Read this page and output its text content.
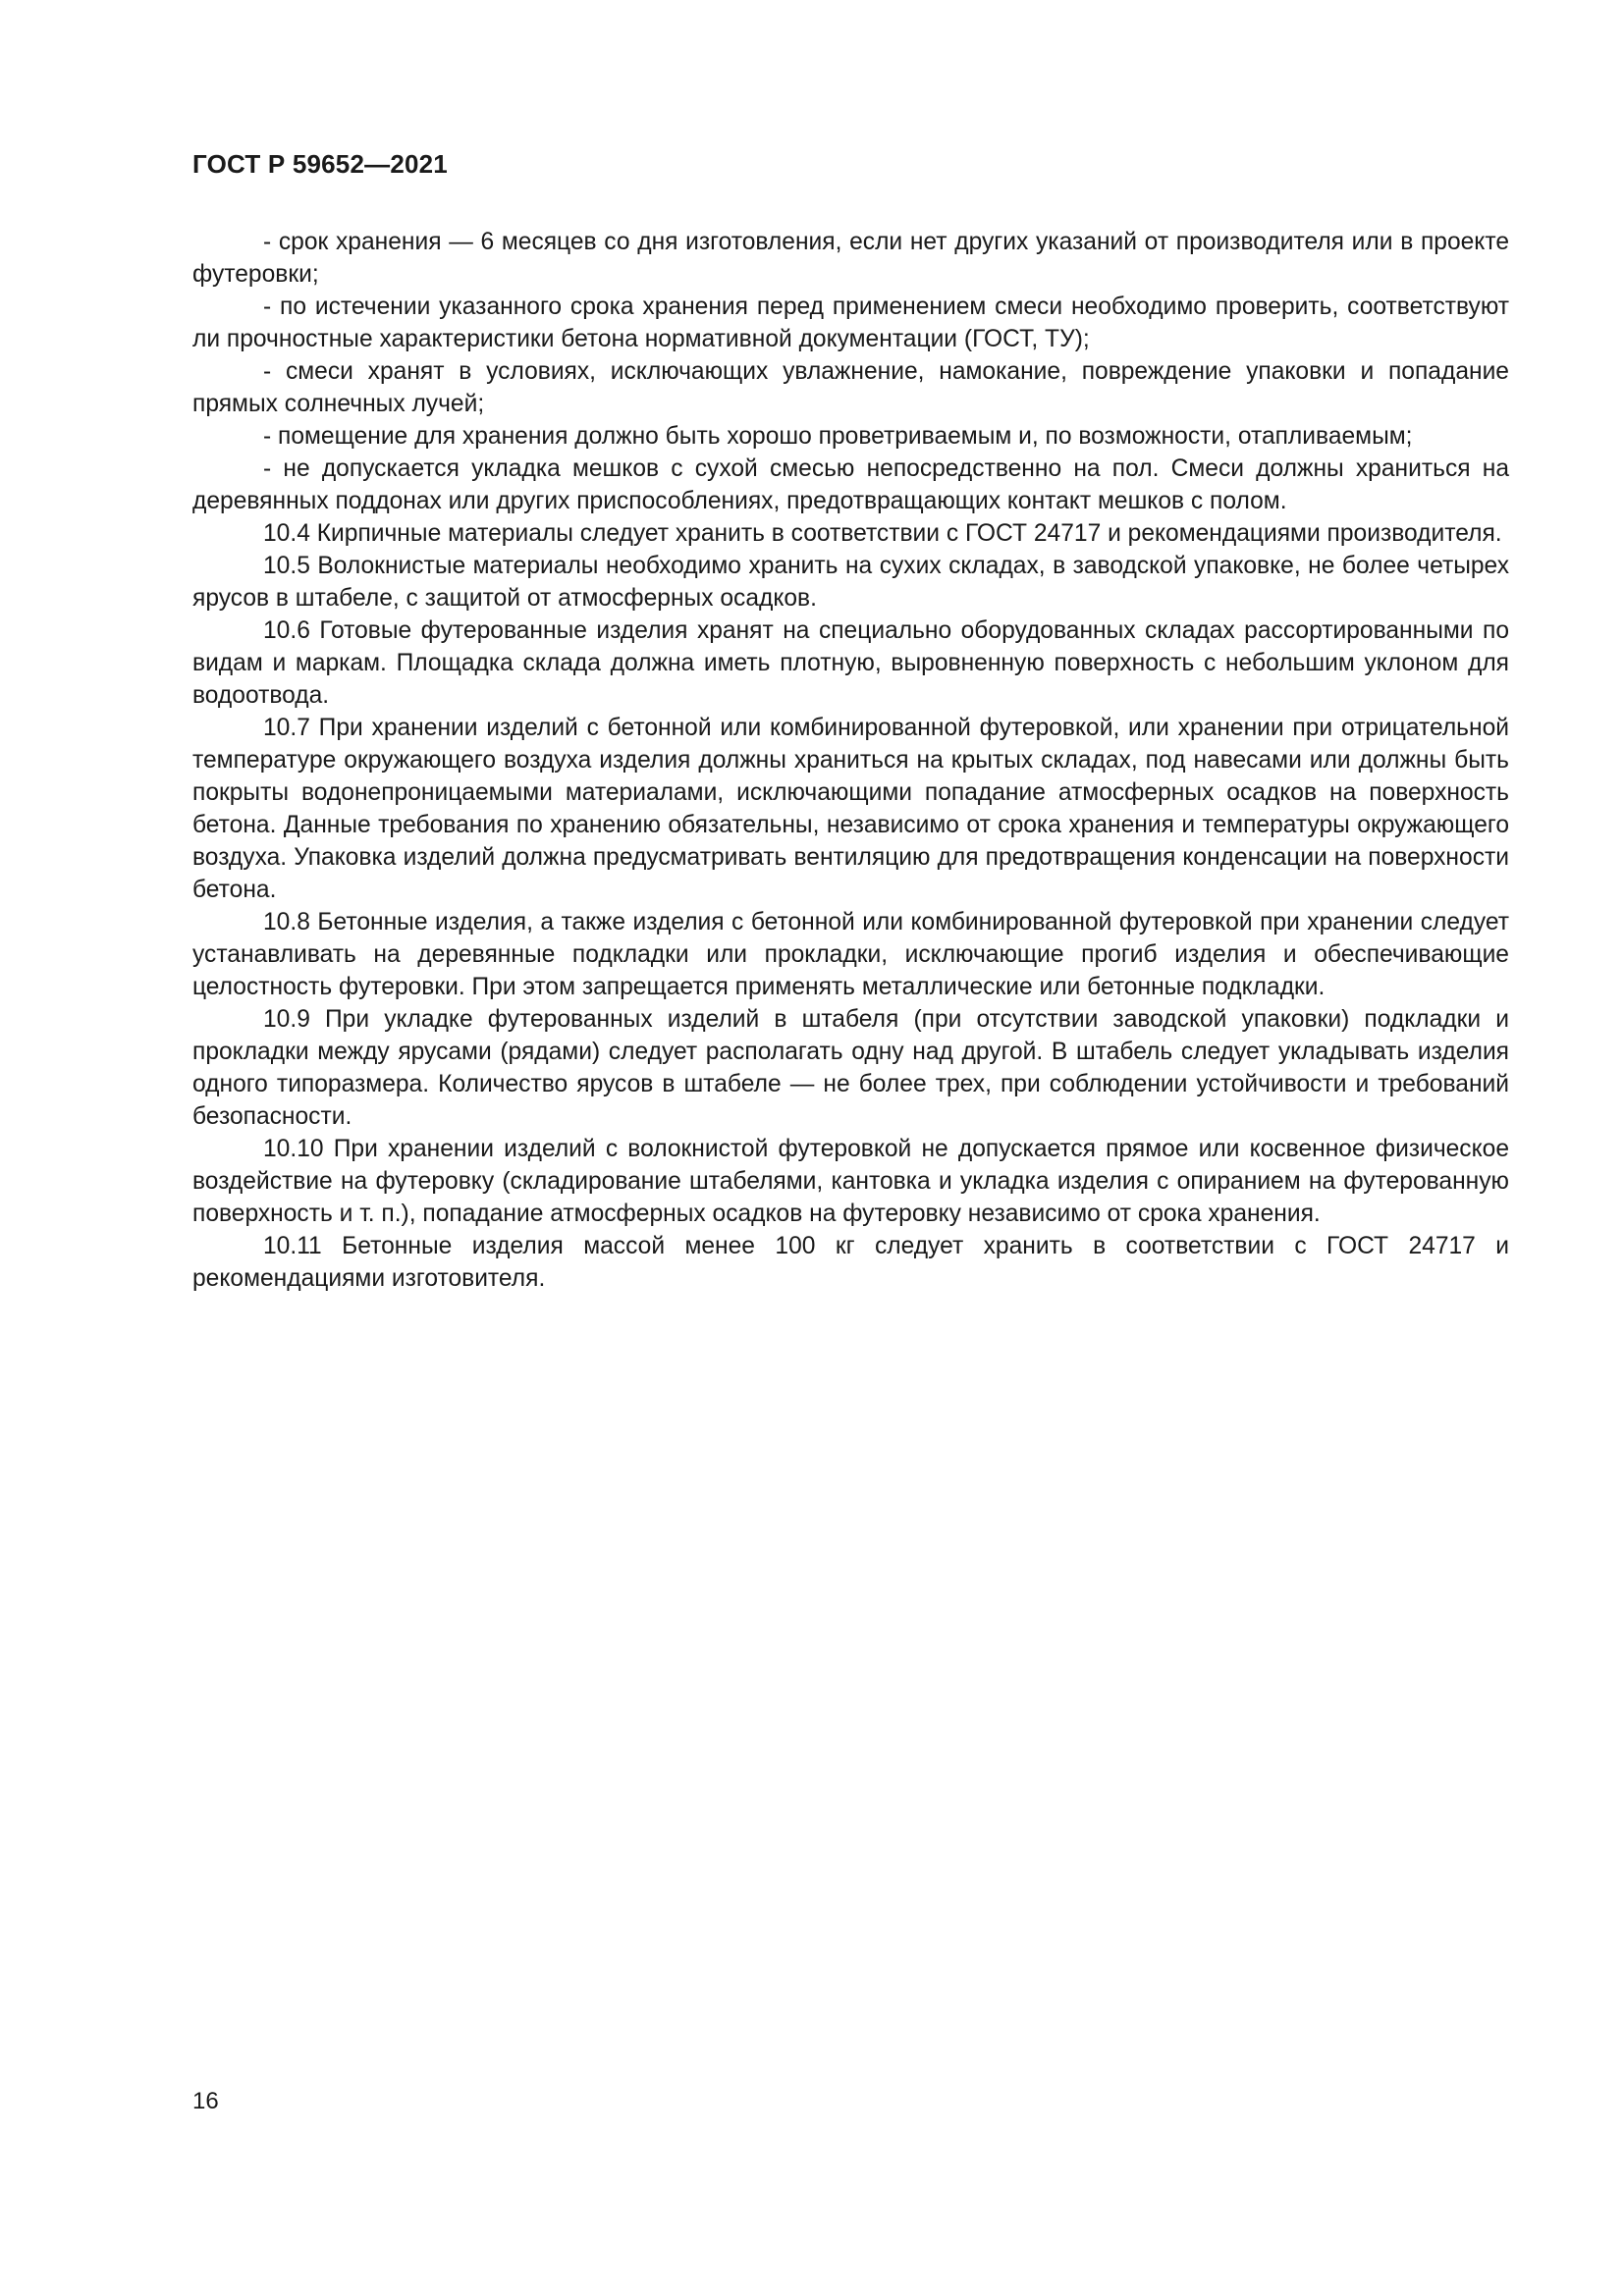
ГОСТ Р 59652—2021

- срок хранения — 6 месяцев со дня изготовления, если нет других указаний от производителя или в проекте футеровки;

- по истечении указанного срока хранения перед применением смеси необходимо проверить, соответствуют ли прочностные характеристики бетона нормативной документации (ГОСТ, ТУ);

- смеси хранят в условиях, исключающих увлажнение, намокание, повреждение упаковки и попадание прямых солнечных лучей;

- помещение для хранения должно быть хорошо проветриваемым и, по возможности, отапливаемым;

- не допускается укладка мешков с сухой смесью непосредственно на пол. Смеси должны храниться на деревянных поддонах или других приспособлениях, предотвращающих контакт мешков с полом.

10.4 Кирпичные материалы следует хранить в соответствии с ГОСТ 24717 и рекомендациями производителя.

10.5 Волокнистые материалы необходимо хранить на сухих складах, в заводской упаковке, не более четырех ярусов в штабеле, с защитой от атмосферных осадков.

10.6 Готовые футерованные изделия хранят на специально оборудованных складах рассортированными по видам и маркам. Площадка склада должна иметь плотную, выровненную поверхность с небольшим уклоном для водоотвода.

10.7 При хранении изделий с бетонной или комбинированной футеровкой, или хранении при отрицательной температуре окружающего воздуха изделия должны храниться на крытых складах, под навесами или должны быть покрыты водонепроницаемыми материалами, исключающими попадание атмосферных осадков на поверхность бетона. Данные требования по хранению обязательны, независимо от срока хранения и температуры окружающего воздуха. Упаковка изделий должна предусматривать вентиляцию для предотвращения конденсации на поверхности бетона.

10.8 Бетонные изделия, а также изделия с бетонной или комбинированной футеровкой при хранении следует устанавливать на деревянные подкладки или прокладки, исключающие прогиб изделия и обеспечивающие целостность футеровки. При этом запрещается применять металлические или бетонные подкладки.

10.9 При укладке футерованных изделий в штабеля (при отсутствии заводской упаковки) подкладки и прокладки между ярусами (рядами) следует располагать одну над другой. В штабель следует укладывать изделия одного типоразмера. Количество ярусов в штабеле — не более трех, при соблюдении устойчивости и требований безопасности.

10.10 При хранении изделий с волокнистой футеровкой не допускается прямое или косвенное физическое воздействие на футеровку (складирование штабелями, кантовка и укладка изделия с опиранием на футерованную поверхность и т. п.), попадание атмосферных осадков на футеровку независимо от срока хранения.

10.11 Бетонные изделия массой менее 100 кг следует хранить в соответствии с ГОСТ 24717 и рекомендациями изготовителя.

16
